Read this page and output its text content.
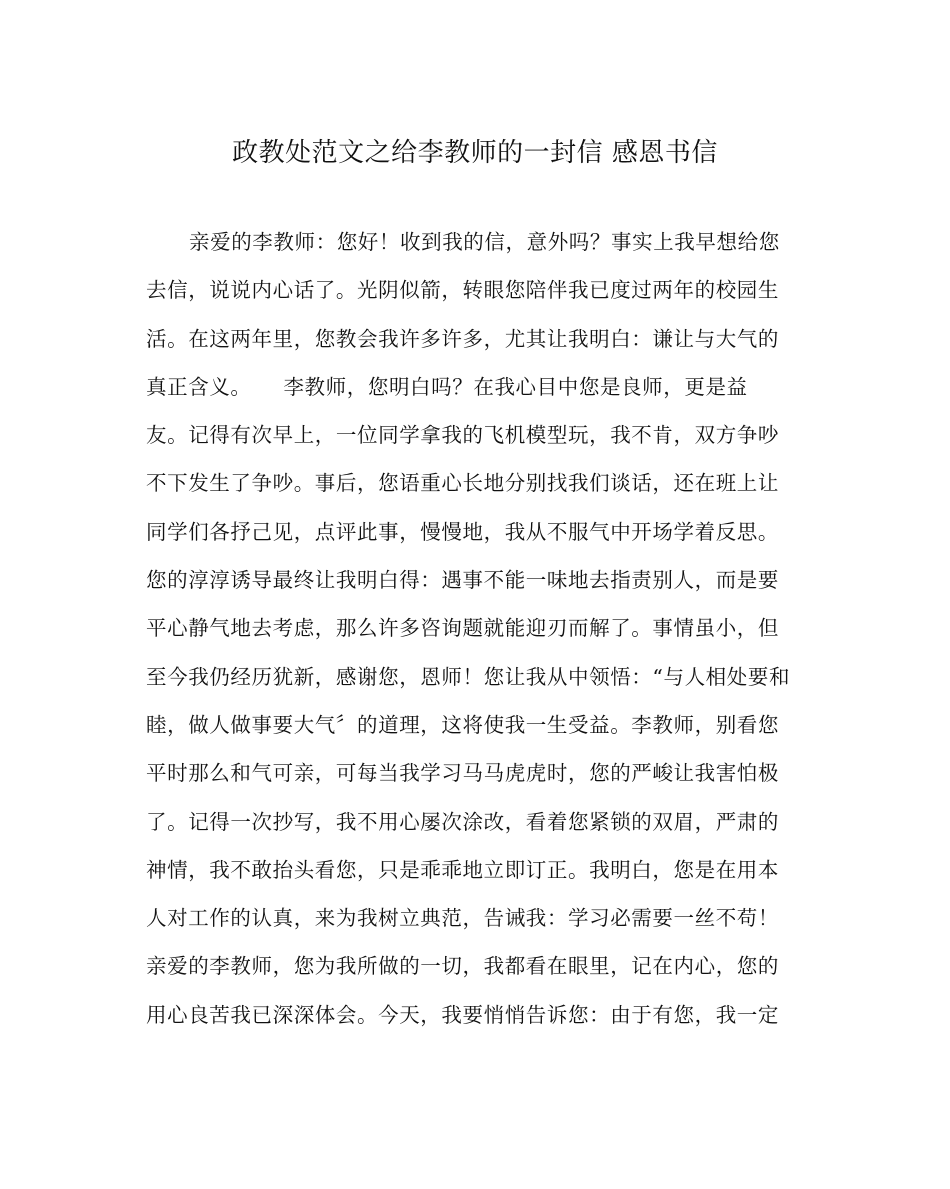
政教处范文之给李教师的一封信 感恩书信
亲爱的李教师：您好！收到我的信，意外吗？事实上我早想给您
去信，说说内心话了。光阴似箭，转眼您陪伴我已度过两年的校园生
活。在这两年里，您教会我许多许多，尤其让我明白：谦让与大气的
真正含义。　　李教师，您明白吗？在我心目中您是良师，更是益
友。记得有次早上，一位同学拿我的飞机模型玩，我不肯，双方争吵
不下发生了争吵。事后，您语重心长地分别找我们谈话，还在班上让
同学们各抒己见，点评此事，慢慢地，我从不服气中开场学着反思。
您的淳淳诱导最终让我明白得：遇事不能一味地去指责别人，而是要
平心静气地去考虑，那么许多咨询题就能迎刃而解了。事情虽小，但
至今我仍经历犹新，感谢您，恩师！您让我从中领悟：“与人相处要和
睦，做人做事要大气〞的道理，这将使我一生受益。李教师，别看您
平时那么和气可亲，可每当我学习马马虎虎时，您的严峻让我害怕极
了。记得一次抄写，我不用心屡次涂改，看着您紧锁的双眉，严肃的
神情，我不敢抬头看您，只是乖乖地立即订正。我明白，您是在用本
人对工作的认真，来为我树立典范，告诫我：学习必需要一丝不苟！
亲爱的李教师，您为我所做的一切，我都看在眼里，记在内心，您的
用心良苦我已深深体会。今天，我要悄悄告诉您：由于有您，我一定
